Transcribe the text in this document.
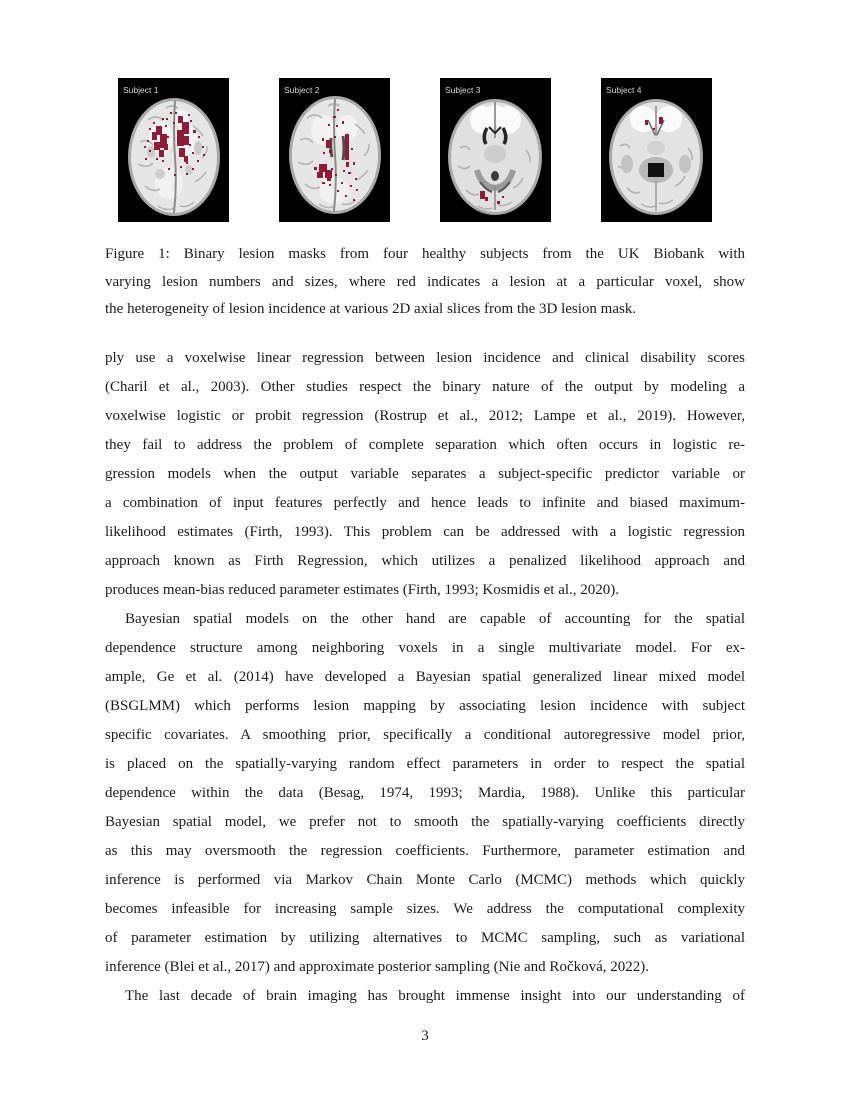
Subject 1	Subject 2	Subject 3	Subject 4
Figure 1: Binary lesion masks from four healthy subjects from the UK Biobank with
varying lesion numbers and sizes, where red indicates a lesion at a particular voxel, show
the heterogeneity of lesion incidence at various 2D axial slices from the 3D lesion mask.
ply use a voxelwise linear regression between lesion incidence and clinical disability scores
(Charil et al., 2003). Other studies respect the binary nature of the output by modeling a
voxelwise logistic or probit regression (Rostrup et al., 2012; Lampe et al., 2019). However,
they fail to address the problem of complete separation which often occurs in logistic re-
gression models when the output variable separates a subject-specific predictor variable or
a combination of input features perfectly and hence leads to infinite and biased maximum-
likelihood estimates (Firth, 1993). This problem can be addressed with a logistic regression
approach known as Firth Regression, which utilizes a penalized likelihood approach and
produces mean-bias reduced parameter estimates (Firth, 1993; Kosmidis et al., 2020).
Bayesian spatial models on the other hand are capable of accounting for the spatial
dependence structure among neighboring voxels in a single multivariate model. For ex-
ample, Ge et al. (2014) have developed a Bayesian spatial generalized linear mixed model
(BSGLMM) which performs lesion mapping by associating lesion incidence with subject
specific covariates. A smoothing prior, specifically a conditional autoregressive model prior,
is placed on the spatially-varying random effect parameters in order to respect the spatial
dependence within the data (Besag, 1974, 1993; Mardia, 1988). Unlike this particular
Bayesian spatial model, we prefer not to smooth the spatially-varying coefficients directly
as this may oversmooth the regression coefficients. Furthermore, parameter estimation and
inference is performed via Markov Chain Monte Carlo (MCMC) methods which quickly
becomes infeasible for increasing sample sizes. We address the computational complexity
of parameter estimation by utilizing alternatives to MCMC sampling, such as variational
inference (Blei et al., 2017) and approximate posterior sampling (Nie and Ročková, 2022).
The last decade of brain imaging has brought immense insight into our understanding of
3
